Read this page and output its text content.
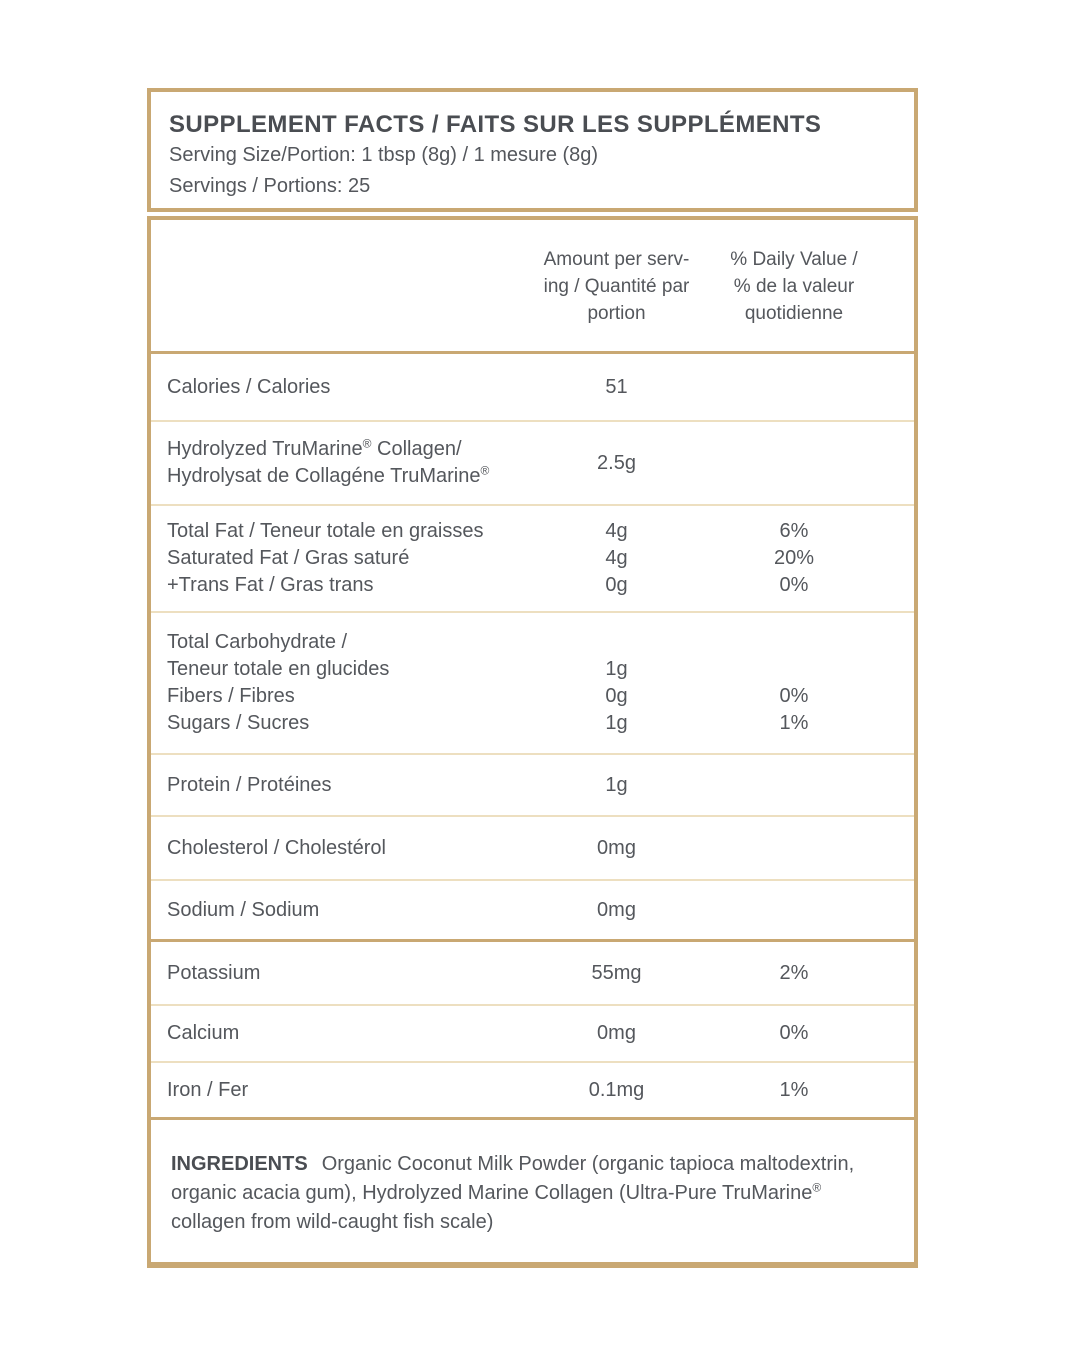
SUPPLEMENT FACTS / FAITS SUR LES SUPPLÉMENTS
Serving Size/Portion: 1 tbsp (8g) / 1 mesure (8g)
Servings / Portions: 25
Amount per serv-
ing / Quantité par
portion
% Daily Value /
% de la valeur
quotidienne
Calories / Calories	51
Hydrolyzed TruMarine® Collagen/
Hydrolysat de Collagéne TruMarine®	2.5g
Total Fat / Teneur totale en graisses	4g	6%
Saturated Fat / Gras saturé	4g	20%
+Trans Fat / Gras trans	0g	0%
Total Carbohydrate /
Teneur totale en glucides	1g
Fibers / Fibres	0g	0%
Sugars / Sucres	1g	1%
Protein / Protéines	1g
Cholesterol / Cholestérol	0mg
Sodium / Sodium	0mg
Potassium	55mg	2%
Calcium	0mg	0%
Iron / Fer	0.1mg	1%
INGREDIENTS Organic Coconut Milk Powder (organic tapioca maltodextrin, organic acacia gum), Hydrolyzed Marine Collagen (Ultra-Pure TruMarine® collagen from wild-caught fish scale)
